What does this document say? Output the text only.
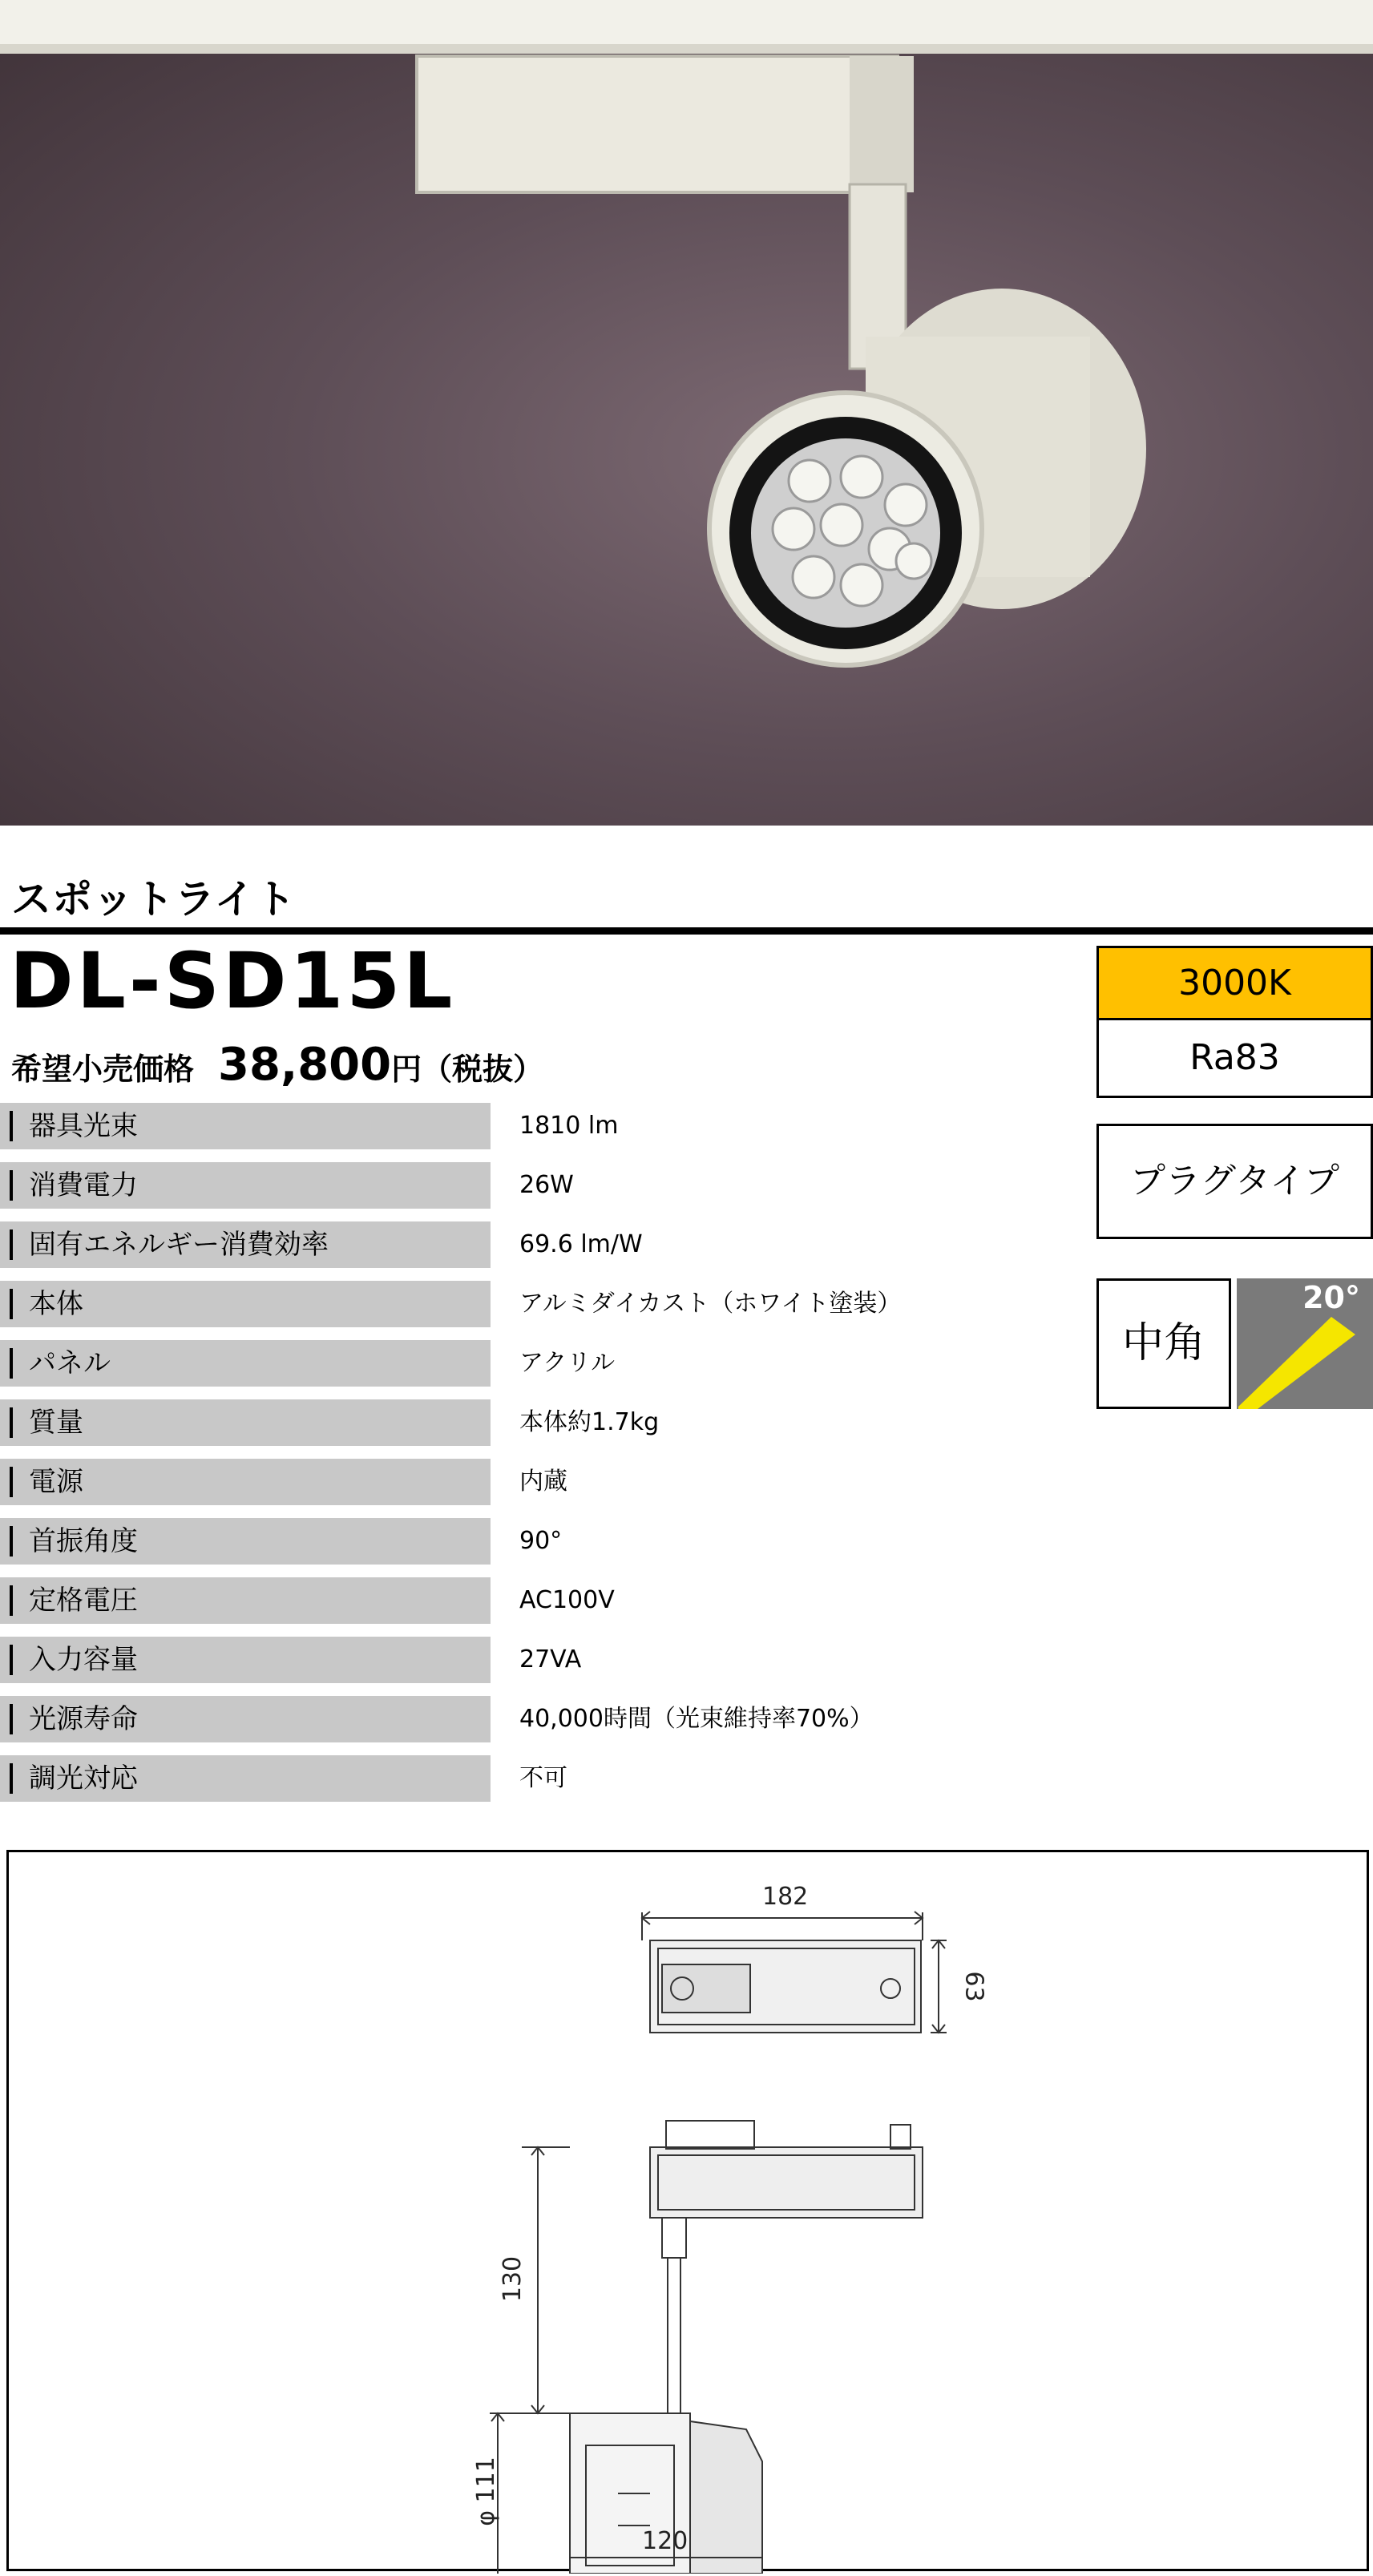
スポットライト
DL-SD15L
希望小売価格 38,800円（税抜）
器具光束	1810 lm
消費電力	26W
固有エネルギー消費効率	69.6 lm/W
本体	アルミダイカスト（ホワイト塗装）
パネル	アクリル
質量	本体約1.7kg
電源	内蔵
首振角度	90°
定格電圧	AC100V
入力容量	27VA
光源寿命	40,000時間（光束維持率70%）
調光対応	不可
3000K
Ra83
プラグタイプ
中角
20°
182
63
130
φ 111
120
